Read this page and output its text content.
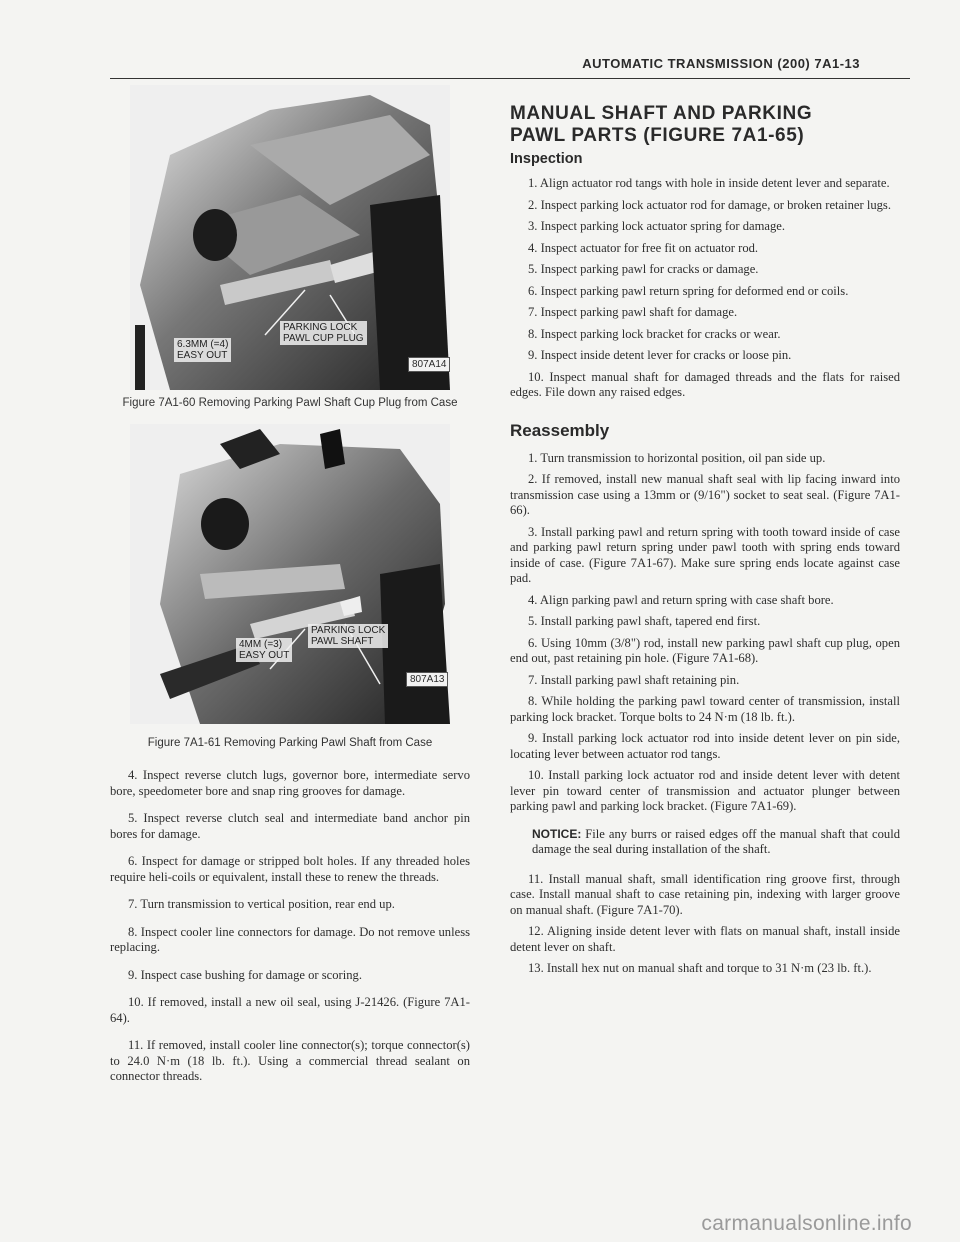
AUTOMATIC TRANSMISSION (200) 7A1-13
PARKING LOCK
PAWL CUP PLUG
6.3MM (=4)
EASY OUT
807A14

Figure 7A1-60 Removing Parking Pawl Shaft Cup Plug from Case

PARKING LOCK
PAWL SHAFT
4MM (=3)
EASY OUT
807A13

Figure 7A1-61 Removing Parking Pawl Shaft from Case

4. Inspect reverse clutch lugs, governor bore, intermediate servo bore, speedometer bore and snap ring grooves for damage.

5. Inspect reverse clutch seal and intermediate band anchor pin bores for damage.

6. Inspect for damage or stripped bolt holes. If any threaded holes require heli-coils or equivalent, install these to renew the threads.

7. Turn transmission to vertical position, rear end up.

8. Inspect cooler line connectors for damage. Do not remove unless replacing.

9. Inspect case bushing for damage or scoring.

10. If removed, install a new oil seal, using J-21426. (Figure 7A1-64).

11. If removed, install cooler line connector(s); torque connector(s) to 24.0 N·m (18 lb. ft.). Using a commercial thread sealant on connector threads.

MANUAL SHAFT AND PARKING
PAWL PARTS (FIGURE 7A1-65)
Inspection

1. Align actuator rod tangs with hole in inside detent lever and separate.

2. Inspect parking lock actuator rod for damage, or broken retainer lugs.

3. Inspect parking lock actuator spring for damage.

4. Inspect actuator for free fit on actuator rod.

5. Inspect parking pawl for cracks or damage.

6. Inspect parking pawl return spring for deformed end or coils.

7. Inspect parking pawl shaft for damage.

8. Inspect parking lock bracket for cracks or wear.

9. Inspect inside detent lever for cracks or loose pin.

10. Inspect manual shaft for damaged threads and the flats for raised edges. File down any raised edges.

Reassembly

1. Turn transmission to horizontal position, oil pan side up.

2. If removed, install new manual shaft seal with lip facing inward into transmission case using a 13mm or (9/16") socket to seat seal. (Figure 7A1-66).

3. Install parking pawl and return spring with tooth toward inside of case and parking pawl return spring under pawl tooth with spring ends toward inside of case. (Figure 7A1-67). Make sure spring ends locate against case pad.

4. Align parking pawl and return spring with case shaft bore.

5. Install parking pawl shaft, tapered end first.

6. Using 10mm (3/8") rod, install new parking pawl shaft cup plug, open end out, past retaining pin hole. (Figure 7A1-68).

7. Install parking pawl shaft retaining pin.

8. While holding the parking pawl toward center of transmission, install parking lock bracket. Torque bolts to 24 N·m (18 lb. ft.).

9. Install parking lock actuator rod into inside detent lever on pin side, locating lever between actuator rod tangs.

10. Install parking lock actuator rod and inside detent lever with detent lever pin toward center of transmission and actuator plunger between parking pawl and parking lock bracket. (Figure 7A1-69).

NOTICE: File any burrs or raised edges off the manual shaft that could damage the seal during installation of the shaft.

11. Install manual shaft, small identification ring groove first, through case. Install manual shaft to case retaining pin, indexing with larger groove on manual shaft. (Figure 7A1-70).

12. Aligning inside detent lever with flats on manual shaft, install inside detent lever on shaft.

13. Install hex nut on manual shaft and torque to 31 N·m (23 lb. ft.).

carmanualsonline.info
